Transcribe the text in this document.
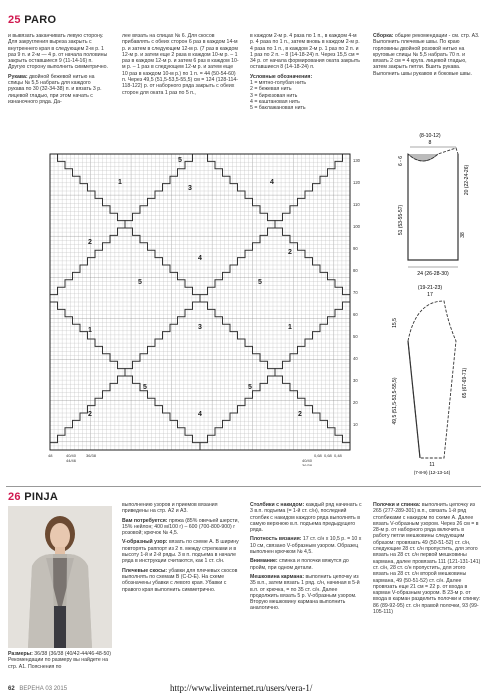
25 PARO

и вывязать заканчивать левую сторону. Для закругления выреза закрыть с внутреннего края в следующем 2-м р. 1 раз 9 п. и 2-м — 4 р. от начала половины закрыть оставшиеся 9 (11-14-16) п. Другую сторону выполнить симметрично.

Рукава: двойной бежевой нитью на спицы № 5,5 набрать для каждого рукава по 30 (32-34-38) п. и вязать 3 р. лицевой гладью, при этом начать с изнаночного ряда. Да-

лее вязать на спицах № 6. Для скосов прибавлять с обеих сторон 6 раз в каждом 14-м р. и затем в следующем 12-м р. (7 раз в каждом 12-м р. и затем еще 2 раза в каждом 10-м р. – 1 раз в каждом 12-м р. и затем 6 раз в каждом 10-м р. – 1 раз в следующем 12-м р. и затем еще 10 раз в каждом 10-м р.) по 1 п. = 44 (50-54-60) п. Через 49,5 (51,5-53,5-55,5) см = 124 (128-114-118-122) р. от наборного ряда закрыть с обеих сторон для оката 1 раз по 5 п.,

в каждом 2-м р. 4 раза по 1 п., в каждом 4-м р. 4 раза по 1 п., затем вновь в каждом 2-м р. 4 раза по 1 п., в каждом 2-м р. 1 раз по 2 п. и 1 раз по 2 п. – 8 (14-18-24) п. Через 15,5 см = 34 р. от начала формирования оката закрыть оставшиеся 8 (14-18-24) п.

Условные обозначения:

1 = мятно-голубая нить
2 = бежевая нить
3 = бирюзовая нить
4 = каштановая нить
5 = баклажановая нить

Сборка: общие рекомендации - см. стр. А3. Выполнить плечевые швы. По краю горловины двойной розовой нитью на круговые спицы № 5,5 набрать 70 п. и вязать 2 см = 4 круга. лицевой гладью, затем закрыть петли. Вшить рукава. Выполнить швы рукавов и боковые швы.

1
3
4
2
4
2
1	3	1
5	5
2	4	2
5	5
5	130
120
110
100
90
80
70
60
50
40
30
20
10
48	40/40
44/46
36/38	0,68 0,68 0,48
40/40
36/38
(8-10-12)
8
6 - 6
51 (53-55-57)
20 (22-24-26)
38
24 (26-28-30)
(19-21-23)
17
15,5
49,5 (51,5-53,5-55,5)	65 (67-69-71)
11
(7-8-9) (12-13-14)
26 PINJA

Размеры: 36/38 (36/38 (40/42-44/46-48-50) Рекомендации по размеру вы найдете на стр. А1. Пояснения по

выполнению узоров и приемов вязания приведены на стр. А2 и А3.

Вам потребуется: пряжа (85% овечьей шерсти, 15% нейлон; 400 м/100 г) – 600 (700-800-900) г розовой; крючок № 4,5.

V-образный узор: вязать по схеме А. В ширину повторять раппорт из 2 п. между стрелками и в высоту 1-й и 2-й ряды. 3 в п. подъема в начале ряда в инструкции считаются, как 1 ст. с/н.

Плечевые скосы: убавки для плечевых скосов выполнять по схемам В (С-D-E). На схеме обозначены убавки с левого края. Убавки с правого края выполнить симметрично.

Столбики с накидом: каждый ряд начинать с 3 в.п. подъема (= 1-й ст. с/н), последний столбик с накидом каждого ряда выполнять в самую верхнюю в.п. подъема предыдущего ряда.

Плотность вязания: 17 ст. с/н x 10,5 р. = 10 x 10 см, связано V-образным узором. Образец выполнен крючком № 4,5.

Внимание: спинка и полочки вяжутся до пройм, при одном детали.

Мешковина кармана: выполнить цепочку из 35 в.п., затем вязать 1 ряд. с/н, начиная в 5-й в.п. от крючка, = по 35 ст. с/н. Далее продолжить вязать 5 р. V-образным узором. Вторую мешковину кармана выполнить аналогично.

Полочки и спинка: выполнить цепочку из 265 (277-289-301) в.п., связать 1-й ряд столбиками с накидом по схеме А. Далее вязать V-образным узором. Через 26 см = в 28-м р. от наборного ряда включить в работу петли мешковины следующим образом: провязать 49 (50-51-52) ст. с/н, следующие 28 ст. с/н пропустить, для этого вязать на 28 ст. с/н первой мешковины кармана, далее провязать 111 (121-131-141) ст. с/н, 28 ст. с/н пропустить, для этого вязать на 28 ст. с/н второй мешковины кармана, 49 (50-51-52) ст. с/н. Далее провязать еще 21 см = 22 р. от входа в карман V-образным узором. В 23-м р. от входа в карман разделить полочки и спинку: 86 (89-92-95) ст. с/н правой полочки, 93 (99-105-111)

62 ВЕРЕНА 03 2015	http://www.liveinternet.ru/users/vera-1/
